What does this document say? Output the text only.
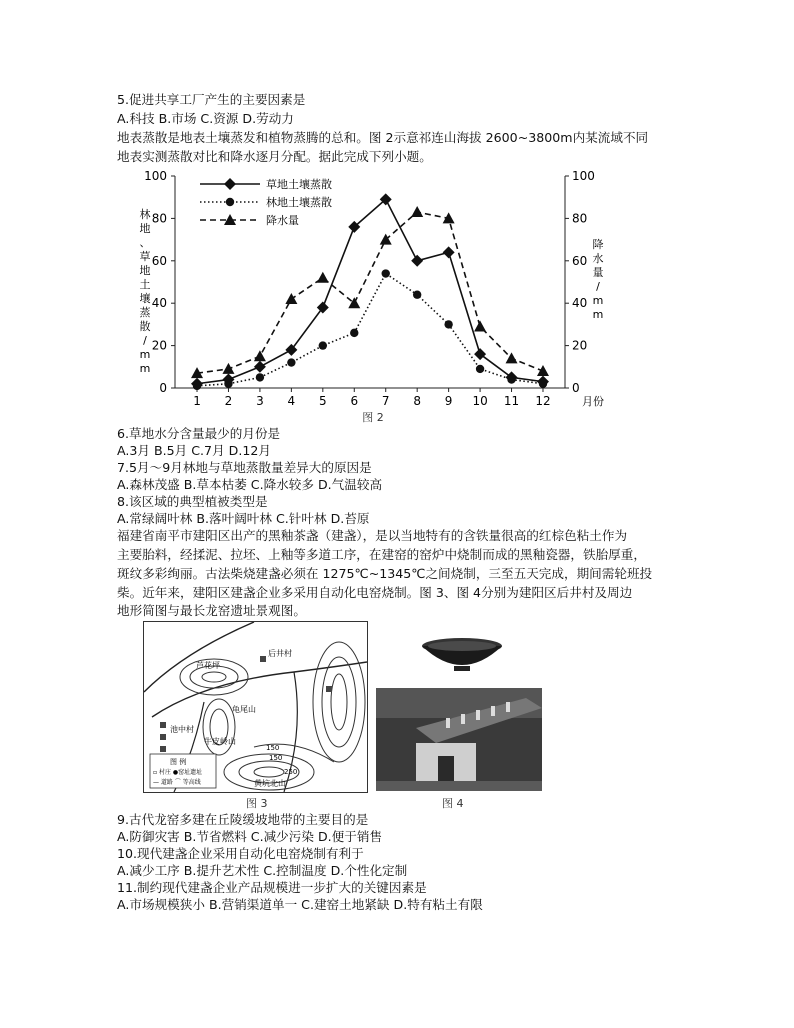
5.促进共享工厂产生的主要因素是
A.科技 B.市场 C.资源 D.劳动力
地表蒸散是地表土壤蒸发和植物蒸腾的总和。图 2示意祁连山海拔 2600~3800m内某流域不同
地表实测蒸散对比和降水逐月分配。据此完成下列小题。
0	0
20	20
40	40
60	60
80	80
100	100
1 2 3 4 5 6 7 8 9 10 11 12	月份
林地、草地土壤蒸散/ m m
降水量/ m m
草地土壤蒸散
林地土壤蒸散
降水量
图 2
6.草地水分含量最少的月份是
A.3月 B.5月 C.7月 D.12月
7.5月～9月林地与草地蒸散量差异大的原因是
A.森林茂盛 B.草本枯萎 C.降水较多 D.气温较高
8.该区域的典型植被类型是
A.常绿阔叶林 B.落叶阔叶林 C.针叶林 D.苔原
福建省南平市建阳区出产的黑釉茶盏（建盏），是以当地特有的含铁量很高的红棕色粘土作为
主要胎料，经揉泥、拉坯、上釉等多道工序，在建窑的窑炉中烧制而成的黑釉瓷器，铁胎厚重，
斑纹多彩绚丽。古法柴烧建盏必须在 1275℃~1345℃之间烧制，三至五天完成，期间需轮班投
柴。近年来，建阳区建盏企业多采用自动化电窑烧制。图 3、图 4分别为建阳区后井村及周边
地形简图与最长龙窑遗址景观图。
芦花坪
后井村
龟尾山
牛皮岭山
池中村
黄坑北山
150
150
250
图 例
▫ 村庄 ●窑址遗址
— 道路 ⌒ 等高线
图 3	图 4
9.古代龙窑多建在丘陵缓坡地带的主要目的是
A.防御灾害 B.节省燃料 C.减少污染 D.便于销售
10.现代建盏企业采用自动化电窑烧制有利于
A.减少工序 B.提升艺术性 C.控制温度 D.个性化定制
11.制约现代建盏企业产品规模进一步扩大的关键因素是
A.市场规模狭小 B.营销渠道单一 C.建窑土地紧缺 D.特有粘土有限
